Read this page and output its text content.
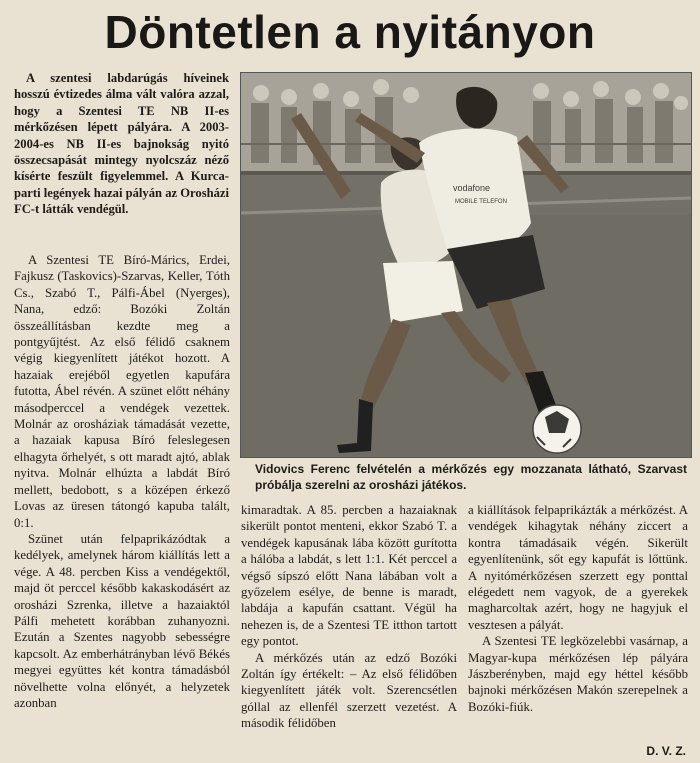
Döntetlen a nyitányon
A szentesi labdarúgás híveinek hosszú évtizedes álma vált valóra azzal, hogy a Szentesi TE NB II-es mérkőzésen lépett pályára. A 2003-2004-es NB II-es bajnokság nyitó összecsapását mintegy nyolcszáz néző kísérte feszült figyelemmel. A Kurca-parti legények hazai pályán az Orosházi FC-t látták vendégül.
vodafone
MOBILE TELEFON
Vidovics Ferenc felvételén a mérkőzés egy mozzanata látható, Szarvast próbálja szerelni az orosházi játékos.

A Szentesi TE Bíró-Márics, Erdei, Fajkusz (Taskovics)-Szarvas, Keller, Tóth Cs., Szabó T., Pálfi-Ábel (Nyerges), Nana, edző: Bozóki Zoltán összeállításban kezdte meg a pontgyűjtést. Az első félidő csaknem végig kiegyenlített játékot hozott. A hazaiak erejéből egyetlen kapufára futotta, Ábel révén. A szünet előtt néhány másodperccel a vendégek vezettek. Molnár az orosháziak támadását vezette, a hazaiak kapusa Bíró feleslegesen elhagyta őrhelyét, s ott maradt ajtó, ablak nyitva. Molnár elhúzta a labdát Bíró mellett, bedobott, s a középen érkező Lovas az üresen tátongó kapuba talált, 0:1.

Szünet után felpaprikázódtak a kedélyek, amelynek három kiállítás lett a vége. A 48. percben Kiss a vendégektől, majd öt perccel később kakaskodásért az orosházi Szrenka, illetve a hazaiaktól Pálfi mehetett korábban zuhanyozni. Ezután a Szentes nagyobb sebességre kapcsolt. Az emberhátrányban lévő Békés megyei együttes két kontra támadásból növelhette volna előnyét, a helyzetek azonban

kimaradtak. A 85. percben a hazaiaknak sikerült pontot menteni, ekkor Szabó T. a vendégek kapusának lába között gurította a hálóba a labdát, s lett 1:1. Két perccel a végső sípszó előtt Nana lábában volt a győzelem esélye, de benne is maradt, labdája a kapufán csattant. Végül ha nehezen is, de a Szentesi TE itthon tartott egy pontot.

A mérkőzés után az edző Bozóki Zoltán így értékelt: – Az első félidőben kiegyenlített játék volt. Szerencsétlen góllal az ellenfél szerzett vezetést. A második félidőben

a kiállítások felpaprikázták a mérkőzést. A vendégek kihagytak néhány ziccert a kontra támadásaik végén. Sikerült egyenlítenünk, sőt egy kapufát is lőttünk. A nyitómérkőzésen szerzett egy ponttal elégedett nem vagyok, de a gyerekek magharcoltak azért, hogy ne hagyjuk el vesztesen a pályát.

A Szentesi TE legközelebbi vasárnap, a Magyar-kupa mérkőzésen lép pályára Jászberényben, majd egy héttel később bajnoki mérkőzésen Makón szerepelnek a Bozóki-fiúk.

D. V. Z.
